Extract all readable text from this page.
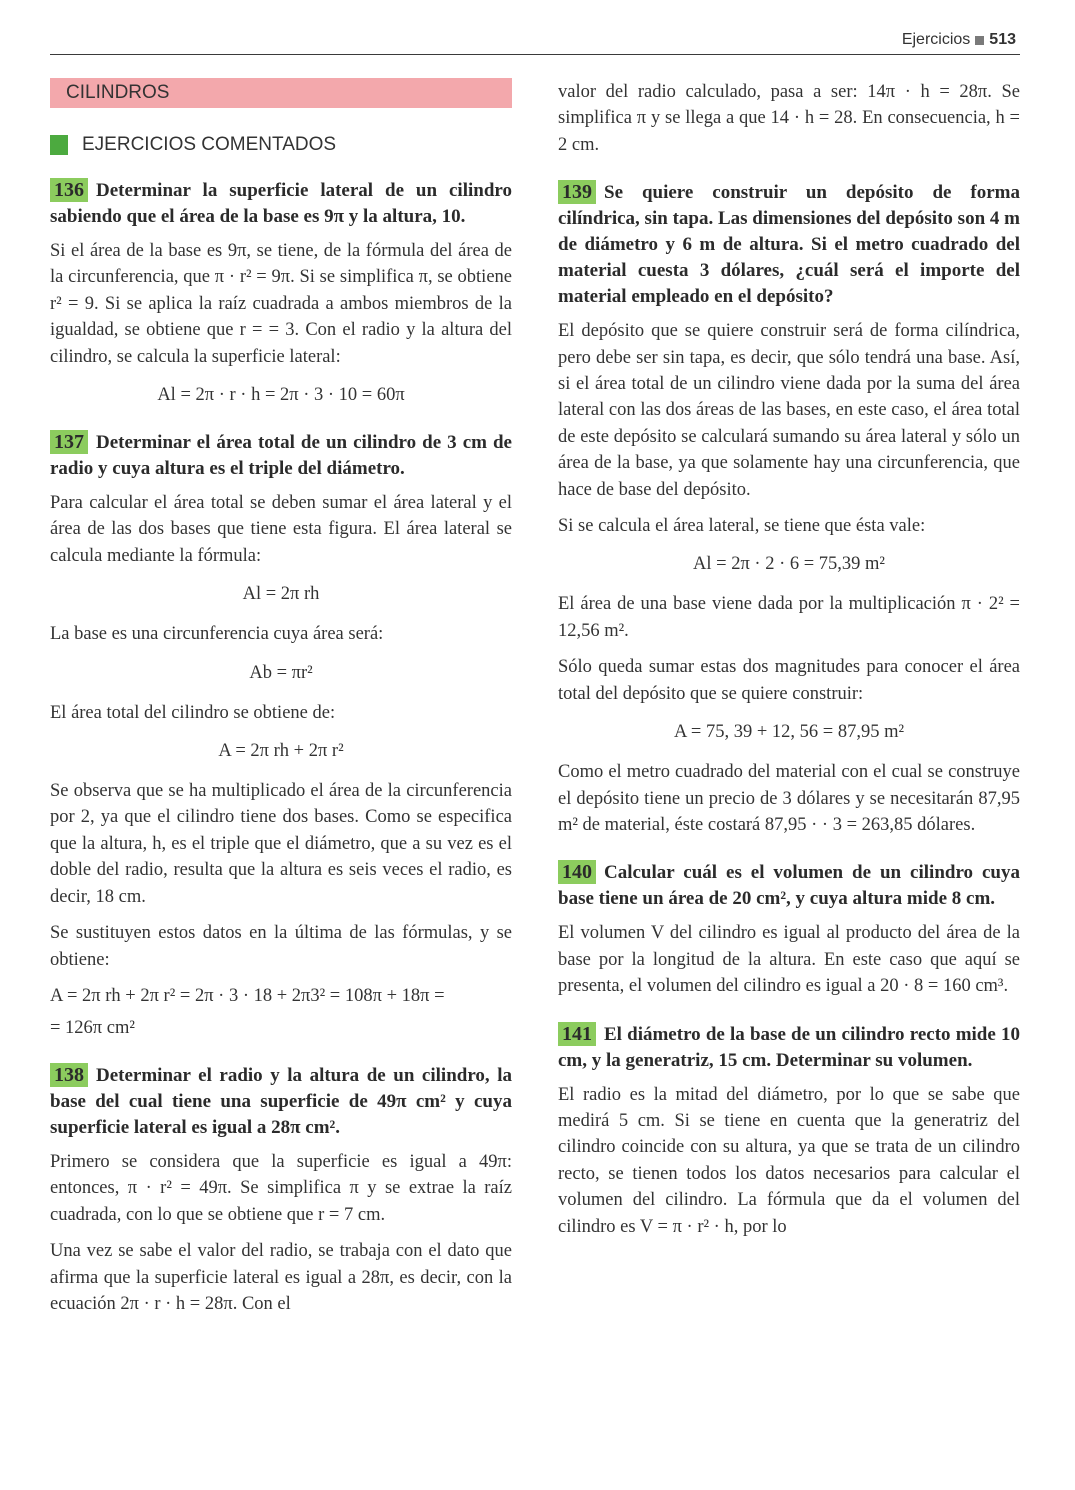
Ejercicios 513
CILINDROS
EJERCICIOS COMENTADOS
136 Determinar la superficie lateral de un cilindro sabiendo que el área de la base es 9π y la altura, 10.

Si el área de la base es 9π, se tiene, de la fórmula del área de la circunferencia, que π · r² = 9π. Si se simplifica π, se obtiene r² = 9. Si se aplica la raíz cuadrada a ambos miembros de la igualdad, se obtiene que r = = 3. Con el radio y la altura del cilindro, se calcula la superficie lateral:

Al = 2π · r · h = 2π · 3 · 10 = 60π
137 Determinar el área total de un cilindro de 3 cm de radio y cuya altura es el triple del diámetro.

Para calcular el área total se deben sumar el área lateral y el área de las dos bases que tiene esta figura. El área lateral se calcula mediante la fórmula:

Al = 2π rh

La base es una circunferencia cuya área será:

Ab = πr²

El área total del cilindro se obtiene de:

A = 2π rh + 2π r²

Se observa que se ha multiplicado el área de la circunferencia por 2, ya que el cilindro tiene dos bases. Como se especifica que la altura, h, es el triple que el diámetro, que a su vez es el doble del radio, resulta que la altura es seis veces el radio, es decir, 18 cm.

Se sustituyen estos datos en la última de las fórmulas, y se obtiene:

A = 2π rh + 2π r² = 2π · 3 · 18 + 2π3² = 108π + 18π =
= 126π cm²
138 Determinar el radio y la altura de un cilindro, la base del cual tiene una superficie de 49π cm² y cuya superficie lateral es igual a 28π cm².

Primero se considera que la superficie es igual a 49π: entonces, π · r² = 49π. Se simplifica π y se extrae la raíz cuadrada, con lo que se obtiene que r = 7 cm.

Una vez se sabe el valor del radio, se trabaja con el dato que afirma que la superficie lateral es igual a 28π, es decir, con la ecuación 2π · r · h = 28π. Con el

valor del radio calculado, pasa a ser: 14π · h = 28π. Se simplifica π y se llega a que 14 · h = 28. En consecuencia, h = 2 cm.

139 Se quiere construir un depósito de forma cilíndrica, sin tapa. Las dimensiones del depósito son 4 m de diámetro y 6 m de altura. Si el metro cuadrado del material cuesta 3 dólares, ¿cuál será el importe del material empleado en el depósito?

El depósito que se quiere construir será de forma cilíndrica, pero debe ser sin tapa, es decir, que sólo tendrá una base. Así, si el área total de un cilindro viene dada por la suma del área lateral con las dos áreas de las bases, en este caso, el área total de este depósito se calculará sumando su área lateral y sólo un área de la base, ya que solamente hay una circunferencia, que hace de base del depósito.

Si se calcula el área lateral, se tiene que ésta vale:

Al = 2π · 2 · 6 = 75,39 m²

El área de una base viene dada por la multiplicación π · 2² = 12,56 m².

Sólo queda sumar estas dos magnitudes para conocer el área total del depósito que se quiere construir:

A = 75, 39 + 12, 56 = 87,95 m²

Como el metro cuadrado del material con el cual se construye el depósito tiene un precio de 3 dólares y se necesitarán 87,95 m² de material, éste costará 87,95 · · 3 = 263,85 dólares.

140 Calcular cuál es el volumen de un cilindro cuya base tiene un área de 20 cm², y cuya altura mide 8 cm.

El volumen V del cilindro es igual al producto del área de la base por la longitud de la altura. En este caso que aquí se presenta, el volumen del cilindro es igual a 20 · 8 = 160 cm³.

141 El diámetro de la base de un cilindro recto mide 10 cm, y la generatriz, 15 cm. Determinar su volumen.

El radio es la mitad del diámetro, por lo que se sabe que medirá 5 cm. Si se tiene en cuenta que la generatriz del cilindro coincide con su altura, ya que se trata de un cilindro recto, se tienen todos los datos necesarios para calcular el volumen del cilindro. La fórmula que da el volumen del cilindro es V = π · r² · h, por lo
